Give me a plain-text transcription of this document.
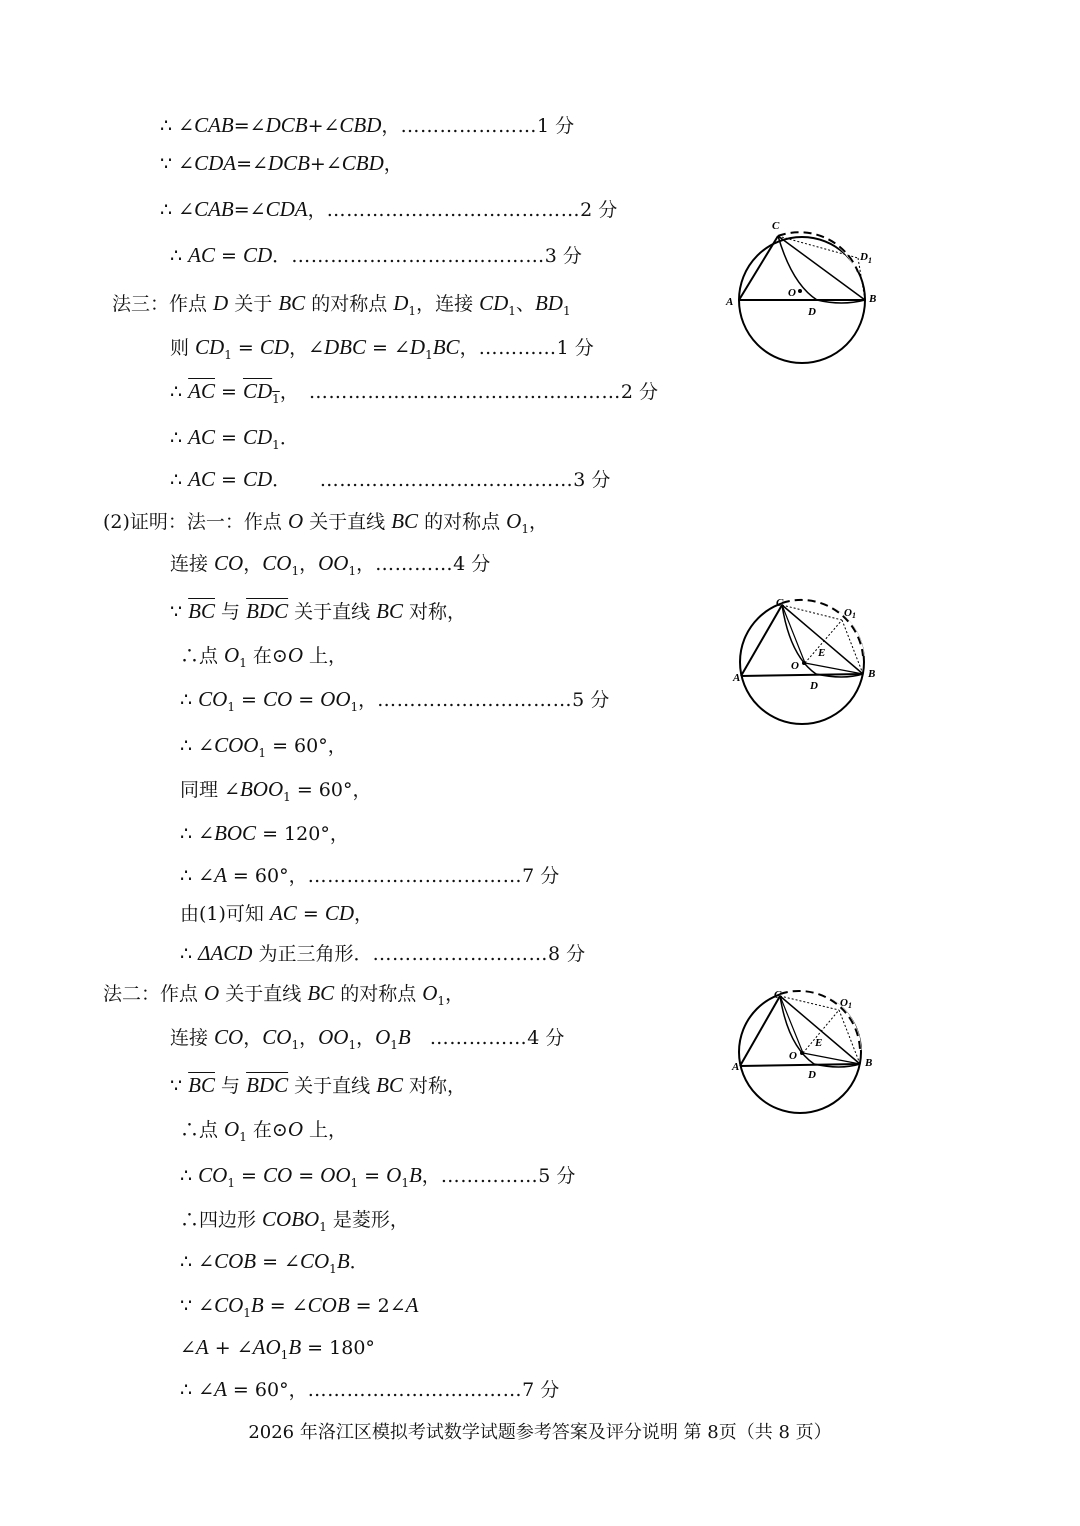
∴ ∠CAB=∠DCB+∠CBD，…………………1 分
∵ ∠CDA=∠DCB+∠CBD，
∴ ∠CAB=∠CDA，…………………………………2 分
∴ AC = CD．…………………………………3 分
法三：作点 D 关于 BC 的对称点 $D_1$，连接 $CD_1$、$BD_1$
则 $CD_1$ = CD，∠DBC = $\angle D_1BC$，…………1 分
∴ $\overline{AC} = CD_1$，　…………………………………………2 分
∴ AC = $CD_1$．
∴ AC = CD．　　…………………………………3 分
(2)证明：法一：作点 O 关于直线 BC 的对称点 $O_1$，
连接 CO，$CO_1$，$OO_1$，…………4 分
∵ $\overline{BC}$ 与 $\overline{BDC}$ 关于直线 BC 对称，
∴点 $O_1$ 在⊙O 上，
∴ $CO_1$ = CO = $OO_1$，…………………………5 分
∴ $\angle COO_1 = 60^\circ$，
同理 $\angle BOO_1 = 60^\circ$，
∴ ∠BOC = 120°，
∴ ∠A = 60°，……………………………7 分
由(1)可知 AC = CD，
∴ ΔACD 为正三角形．………………………8 分
法二：作点 O 关于直线 BC 的对称点 $O_1$，
连接 CO，$CO_1$，$OO_1$，$O_1B$　 ……………4 分
∵ $\overline{BC}$ 与 $\overline{BDC}$ 关于直线 BC 对称，
∴点 $O_1$ 在⊙O 上，
∴ $CO_1$ = CO = $OO_1 = O_1B$，……………5 分
∴四边形 $COBO_1$ 是菱形，
∴ ∠COB = $\angle CO_1B$．
∵ $\angle CO_1B$ = ∠COB = 2∠A
∠A + $\angle AO_1B = 180^\circ$
∴ ∠A = 60°，……………………………7 分
2026 年洛江区模拟考试数学试题参考答案及评分说明 第 8页（共 8 页）
C
D 1
A
O
D
B
C
O 1
E
O
A
D
B
C
O 1
E
O
A
D
B
